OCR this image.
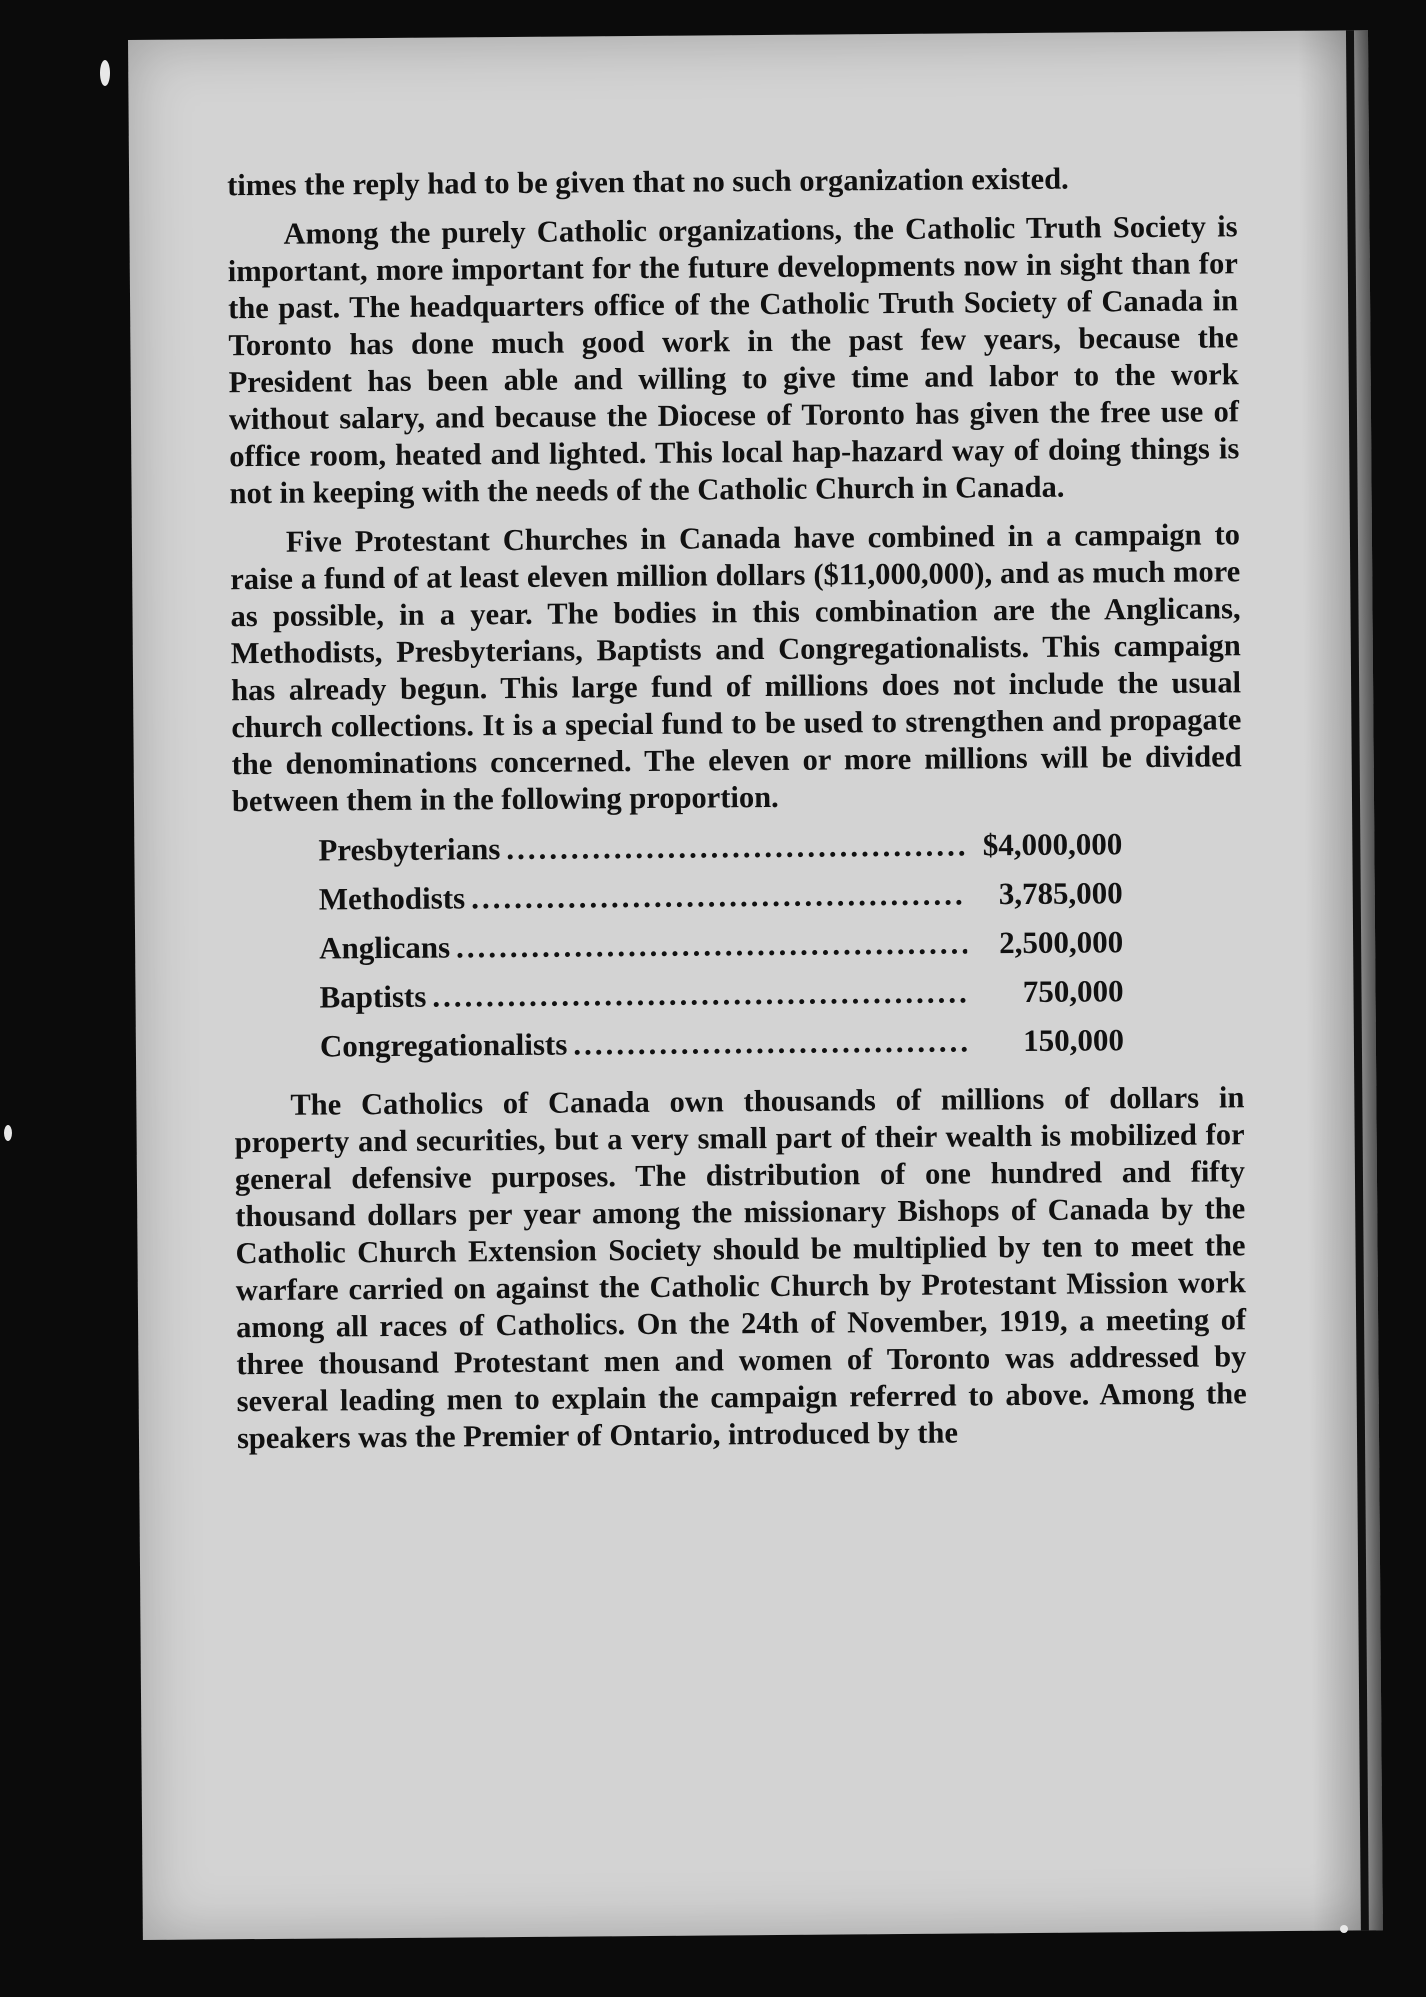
times the reply had to be given that no such organization existed.

Among the purely Catholic organizations, the Catholic Truth Society is important, more important for the future developments now in sight than for the past. The headquarters office of the Catholic Truth Society of Canada in Toronto has done much good work in the past few years, because the President has been able and willing to give time and labor to the work without salary, and because the Diocese of Toronto has given the free use of office room, heated and lighted. This local hap-hazard way of doing things is not in keeping with the needs of the Catholic Church in Canada.

Five Protestant Churches in Canada have combined in a campaign to raise a fund of at least eleven million dollars ($11,000,000), and as much more as possible, in a year. The bodies in this combination are the Anglicans, Methodists, Presbyterians, Baptists and Congregationalists. This campaign has already begun. This large fund of millions does not include the usual church collections. It is a special fund to be used to strengthen and propagate the denominations concerned. The eleven or more millions will be divided between them in the following proportion.

Presbyterians .....	$4,000,000
Methodists .....	3,785,000
Anglicans .....	2,500,000
Baptists .....	750,000
Congregationalists .....	150,000

The Catholics of Canada own thousands of millions of dollars in property and securities, but a very small part of their wealth is mobilized for general defensive purposes. The distribution of one hundred and fifty thousand dollars per year among the missionary Bishops of Canada by the Catholic Church Extension Society should be multiplied by ten to meet the warfare carried on against the Catholic Church by Protestant Mission work among all races of Catholics. On the 24th of November, 1919, a meeting of three thousand Protestant men and women of Toronto was addressed by several leading men to explain the campaign referred to above. Among the speakers was the Premier of Ontario, introduced by the
